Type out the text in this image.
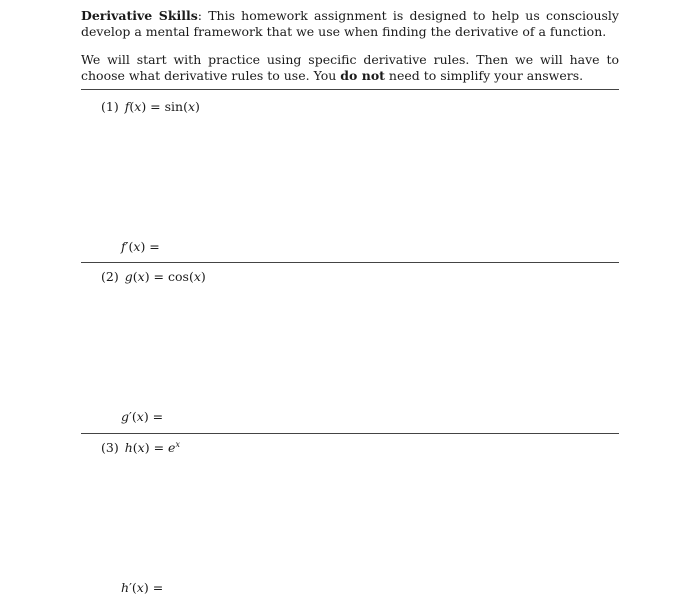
Derivative Skills: This homework assignment is designed to help us consciously develop a mental framework that we use when finding the derivative of a function.
We will start with practice using specific derivative rules. Then we will have to choose what derivative rules to use. You do not need to simplify your answers.
(1) f(x) = sin(x)
f′(x) =
(2) g(x) = cos(x)
g′(x) =
(3) $h(x) = e^x$
h′(x) =
